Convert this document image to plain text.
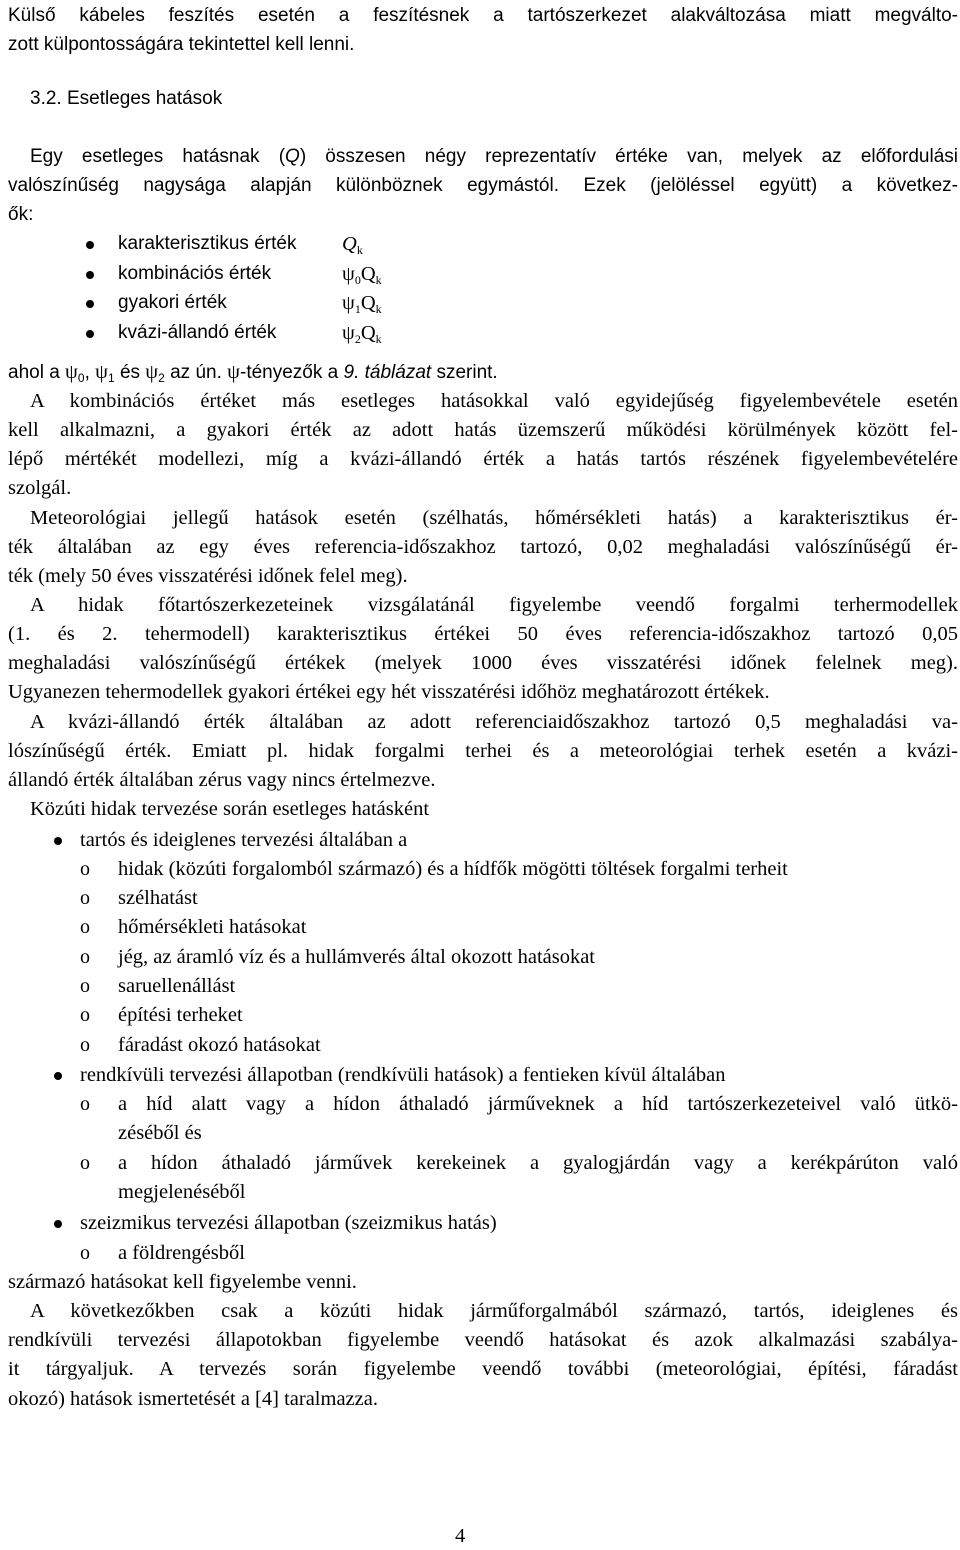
Külső kábeles feszítés esetén a feszítésnek a tartószerkezet alakváltozása miatt megválto-
zott külpontosságára tekintettel kell lenni.
3.2. Esetleges hatások
Egy esetleges hatásnak (Q) összesen négy reprezentatív értéke van, melyek az előfordulási
valószínűség nagysága alapján különböznek egymástól. Ezek (jelöléssel együtt) a következ-
ők:
karakterisztikus érték $Q_k$
kombinációs érték	$\psi_0Q_k$
gyakori érték	$\psi_1Q_k$
kvázi-állandó érték	$\psi_2Q_k$
ahol a $\psi_0$, $\psi_1$ és $\psi_2$ az ún. ψ-tényezők a 9. táblázat szerint.
A kombinációs értéket más esetleges hatásokkal való egyidejűség figyelembevétele esetén
kell alkalmazni, a gyakori érték az adott hatás üzemszerű működési körülmények között fel-
lépő mértékét modellezi, míg a kvázi-állandó érték a hatás tartós részének figyelembevételére
szolgál.
Meteorológiai jellegű hatások esetén (szélhatás, hőmérsékleti hatás) a karakterisztikus ér-
ték általában az egy éves referencia-időszakhoz tartozó, 0,02 meghaladási valószínűségű ér-
ték (mely 50 éves visszatérési időnek felel meg).
A hidak főtartószerkezeteinek vizsgálatánál figyelembe veendő forgalmi terhermodellek
(1. és 2. tehermodell) karakterisztikus értékei 50 éves referencia-időszakhoz tartozó 0,05
meghaladási valószínűségű értékek (melyek 1000 éves visszatérési időnek felelnek meg).
Ugyanezen tehermodellek gyakori értékei egy hét visszatérési időhöz meghatározott értékek.
A kvázi-állandó érték általában az adott referenciaidőszakhoz tartozó 0,5 meghaladási va-
lószínűségű érték. Emiatt pl. hidak forgalmi terhei és a meteorológiai terhek esetén a kvázi-
állandó érték általában zérus vagy nincs értelmezve.
Közúti hidak tervezése során esetleges hatásként
tartós és ideiglenes tervezési általában a
o hidak (közúti forgalomból származó) és a hídfők mögötti töltések forgalmi terheit
o szélhatást
o hőmérsékleti hatásokat
o jég, az áramló víz és a hullámverés által okozott hatásokat
o saruellenállást
o építési terheket
o fáradást okozó hatásokat
rendkívüli tervezési állapotban (rendkívüli hatások) a fentieken kívül általában
o a híd alatt vagy a hídon áthaladó járműveknek a híd tartószerkezeteivel való ütkö-
zéséből és
o a hídon áthaladó járművek kerekeinek a gyalogjárdán vagy a kerékpárúton való
megjelenéséből
szeizmikus tervezési állapotban (szeizmikus hatás)
o a földrengésből
származó hatásokat kell figyelembe venni.
A következőkben csak a közúti hidak járműforgalmából származó, tartós, ideiglenes és
rendkívüli tervezési állapotokban figyelembe veendő hatásokat és azok alkalmazási szabálya-
it tárgyaljuk. A tervezés során figyelembe veendő további (meteorológiai, építési, fáradást
okozó) hatások ismertetését a [4] taralmazza.
4
